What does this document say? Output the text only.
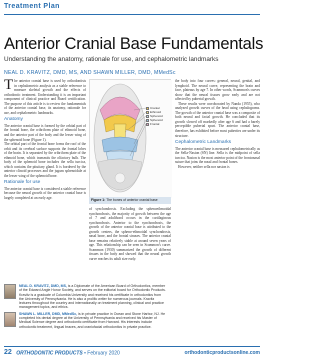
Treatment Plan
Anterior Cranial Base Fundamentals
Understanding the anatomy, rationale for use, and cephalometric landmarks
NEAL D. KRAVITZ, DMD, MS, AND SHAWN MILLER, DMD, MMedSc

The anterior cranial base is used by orthodontists in cephalometric analysis as a stable reference to measure skeletal growth and the effects of orthodontic treatment. Understanding it is an important component of clinical practice and Board certification. The purpose of this article is to review the fundamentals of the anterior cranial base, its anatomy, rationale for use, and cephalometric landmarks.

Anatomy

The anterior cranial base is formed by the orbital part of the frontal bone, the cribriform plate of ethmoid bone, and the anterior part of the body and the lesser wing of the sphenoid bone (Figure 1).

The orbital part of the frontal bone forms the roof of the orbit and its cerebral surface supports the frontal lobes of the brain. It is separated by the cribriform plate of the ethmoid bone, which transmits the olfactory bulb. The body of the sphenoid bone includes the sella turcica, which contains the pituitary gland. It is bordered by the anterior clinoid processes and the jugum sphenoidale at the lesser wing of the sphenoid bone.

Rationale for use

The anterior cranial base is considered a stable reference because the neural growth of the anterior cranial base is largely completed at an early age.

Cranial
Ethmoid
Sphenoid
Sphenoid
Frontal
Figure 1: The bones of anterior cranial base

of synchondrosis. Excluding the sphenoethmoidal synchondrosis, the majority of growth between the age of 7 and adulthood occurs in the cartilaginous synchondrosis. Anterior to the synchondrosis, the growth of the anterior cranial base is attributed to the growth centers, the spheno-ethmoidal synchondrosis, nasal bone, and the frontal sinuses. The anterior cranial base remains relatively stable at around seven years of age. This relationship can be seen in Scammon's curve. Scammon (1930) summarized the growth of different tissues in the body and showed that the neural growth curve reaches its adult size early.

the body into four curves: general, neural, genital, and lymphoid. The neural curve, representing the brain and face, plateaus by age 7. In other words, Scammon's curves show that the neural tissues grow early and are not affected by pubertal growth.

These results were corroborated by Nanda (1955), who analyzed growth curves of the head using cephalograms. The growth of the anterior cranial base was a composite of both neural and facial growth. He concluded that its growth slowed off markedly after age 6 and had a barely perceptible pubertal spurt. The anterior cranial base, therefore, has exhibited before most puberties are under its structure.

Cephalometric Landmarks

The anterior cranial base is measured cephalometrically as the Sella-Nasion (SN) line. Sella is the midpoint of sella turcica. Nasion is the most anterior point of the frontonasal suture that joins the nasal and frontal bones.

However, neither sella nor nasion is

NEAL D. KRAVITZ, DMD, MS, is a Diplomate of the American Board of Orthodontics, member of the Edward Angle Honor Society, and serves on the editorial board for Orthodontic Products. Kravitz is a graduate of Columbia University and received his certificate in orthodontics from the University of Pennsylvania. He is also a prolific writer for numerous journals. Kravitz lectures throughout the country and internationally on treatment planning, clinical and practice management topics, and ethics.
SHAWN L. MILLER, DMD, MMedSc, is in private practice in Ocean and Stone Harbor, NJ. He completed his dental degree at the University of Pennsylvania and received his Master of Medical Science degree and orthodontic certificate from Harvard. His interests include orthodontic treatment, lingual braces, and craniofacial orthodontics in private practice.
22 ORTHODONTIC PRODUCTS • February 2020	orthodonticproductsonline.com
